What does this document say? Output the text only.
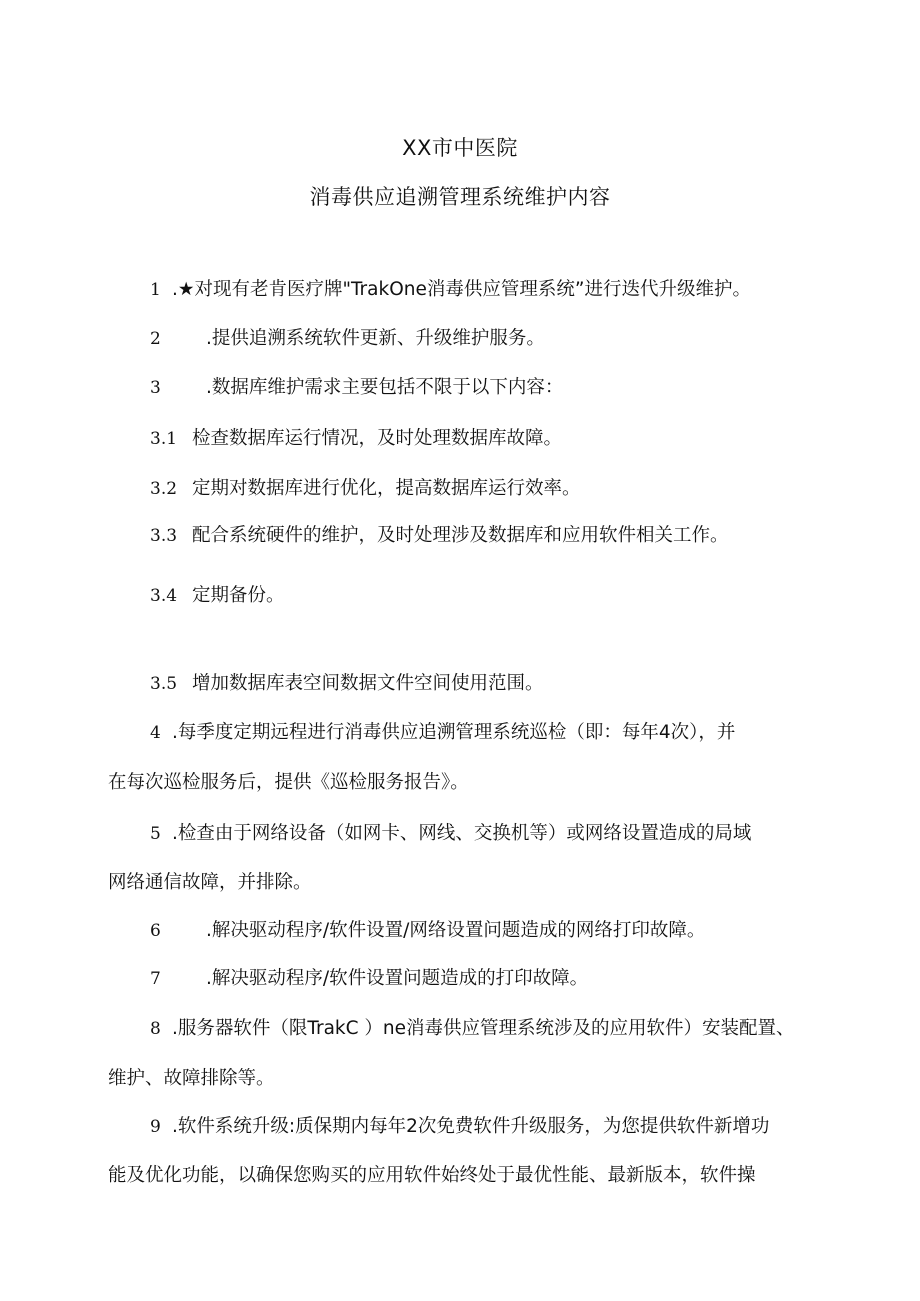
XX市中医院
消毒供应追溯管理系统维护内容
1 .★对现有老肯医疗牌"TrakOne消毒供应管理系统”进行迭代升级维护。
2 .提供追溯系统软件更新、升级维护服务。
3 .数据库维护需求主要包括不限于以下内容：
3.1 检查数据库运行情况，及时处理数据库故障。
3.2 定期对数据库进行优化，提高数据库运行效率。
3.3 配合系统硬件的维护，及时处理涉及数据库和应用软件相关工作。
3.4 定期备份。
3.5 增加数据库表空间数据文件空间使用范围。
4 .每季度定期远程进行消毒供应追溯管理系统巡检（即：每年4次），并
在每次巡检服务后，提供《巡检服务报告》。
5 .检查由于网络设备（如网卡、网线、交换机等）或网络设置造成的局域
网络通信故障，并排除。
6 .解决驱动程序/软件设置/网络设置问题造成的网络打印故障。
7 .解决驱动程序/软件设置问题造成的打印故障。
8 .服务器软件（限TrakC ）ne消毒供应管理系统涉及的应用软件）安装配置、
维护、故障排除等。
9 .软件系统升级:质保期内每年2次免费软件升级服务，为您提供软件新增功
能及优化功能，以确保您购买的应用软件始终处于最优性能、最新版本，软件操
